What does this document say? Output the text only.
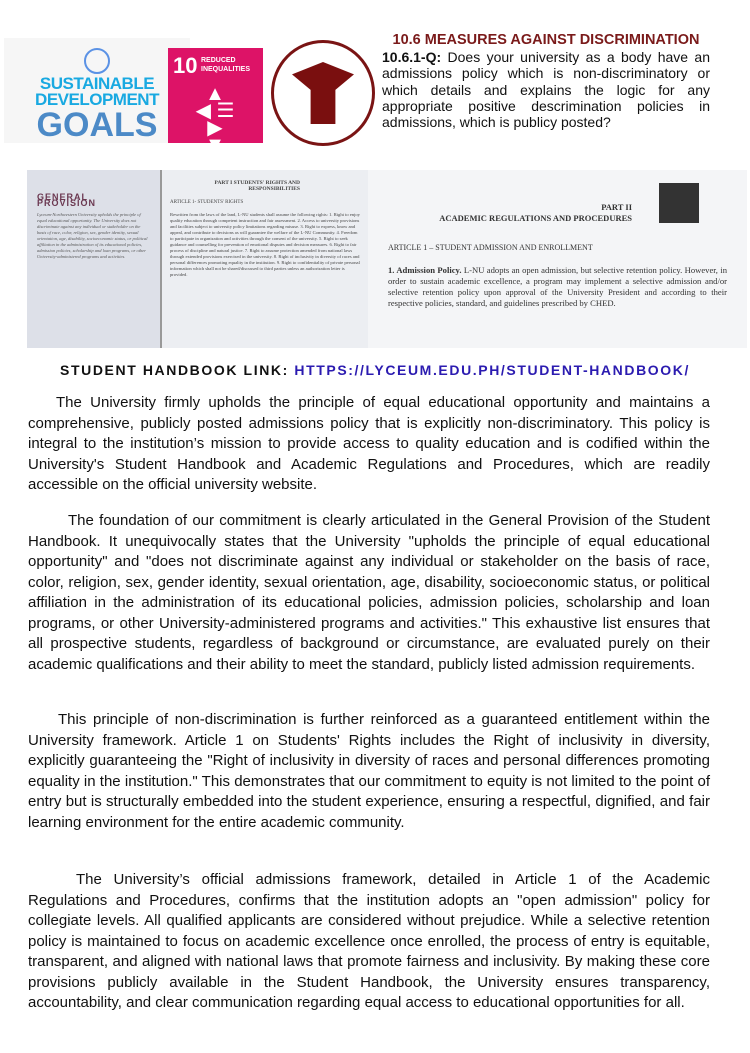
SUSTAINABLE
DEVELOPMENT
GOALS
10 REDUCED INEQUALITIES
▲
◀ ☰ ▶
▼
10.6 MEASURES AGAINST DISCRIMINATION

10.6.1-Q: Does your university as a body have an admissions policy which is non-discriminatory or which details and explains the logic for any appropriate positive descrimination policies in admissions, which is publicy posted?

GENERAL PROVISION

Lyceum-Northwestern University upholds the principle of equal educational opportunity. The University does not discriminate against any individual or stakeholder on the basis of race, color, religion, sex, gender identity, sexual orientation, age, disability, socioeconomic status, or political affiliation in the administration of its educational policies, admission policies, scholarship and loan programs, or other University-administered programs and activities.

PART I STUDENTS' RIGHTS AND RESPONSIBILITIES
ARTICLE 1- STUDENTS' RIGHTS

Rewritten from the laws of the land, L-NU students shall assume the following rights: 1. Right to enjoy quality education through competent instruction and fair assessment. 2. Access to university provisions and facilities subject to university policy limitations regarding misuse. 3. Right to express, know and appeal, and contribute to decisions as will guarantee the welfare of the L-NU Community. 4. Freedom to participate in organization and activities through the consent of the university. 5. Right to seek guidance and counselling for prevention of emotional disputes and decision measures. 6. Right to fair process of discipline and natural justice. 7. Right to assume protection amended from national laws through extended provisions exercised in the university. 8. Right of inclusivity in diversity of races and personal differences promoting equality in the institution. 9. Right to confidentiality of private personal information which shall not be shared/discussed to third parties unless an authorization letter is provided.

PART II
ACADEMIC REGULATIONS AND PROCEDURES
ARTICLE 1 – STUDENT ADMISSION AND ENROLLMENT

1. Admission Policy. L-NU adopts an open admission, but selective retention policy. However, in order to sustain academic excellence, a program may implement a selective admission and/or selective retention policy upon approval of the University President and according to their respective policies, standard, and guidelines prescribed by CHED.

STUDENT HANDBOOK LINK: HTTPS://LYCEUM.EDU.PH/STUDENT-HANDBOOK/

The University firmly upholds the principle of equal educational opportunity and maintains a comprehensive, publicly posted admissions policy that is explicitly non-discriminatory. This policy is integral to the institution’s mission to provide access to quality education and is codified within the University's Student Handbook and Academic Regulations and Procedures, which are readily accessible on the official university website.

The foundation of our commitment is clearly articulated in the General Provision of the Student Handbook. It unequivocally states that the University "upholds the principle of equal educational opportunity" and "does not discriminate against any individual or stakeholder on the basis of race, color, religion, sex, gender identity, sexual orientation, age, disability, socioeconomic status, or political affiliation in the administration of its educational policies, admission policies, scholarship and loan programs, or other University-administered programs and activities." This exhaustive list ensures that all prospective students, regardless of background or circumstance, are evaluated purely on their academic qualifications and their ability to meet the standard, publicly listed admission requirements.

This principle of non-discrimination is further reinforced as a guaranteed entitlement within the University framework. Article 1 on Students' Rights includes the Right of inclusivity in diversity, explicitly guaranteeing the "Right of inclusivity in diversity of races and personal differences promoting equality in the institution." This demonstrates that our commitment to equity is not limited to the point of entry but is structurally embedded into the student experience, ensuring a respectful, dignified, and fair learning environment for the entire academic community.

The University’s official admissions framework, detailed in Article 1 of the Academic Regulations and Procedures, confirms that the institution adopts an "open admission" policy for collegiate levels. All qualified applicants are considered without prejudice. While a selective retention policy is maintained to focus on academic excellence once enrolled, the process of entry is equitable, transparent, and aligned with national laws that promote fairness and inclusivity. By making these core provisions publicly available in the Student Handbook, the University ensures transparency, accountability, and clear communication regarding equal access to educational opportunities for all.
